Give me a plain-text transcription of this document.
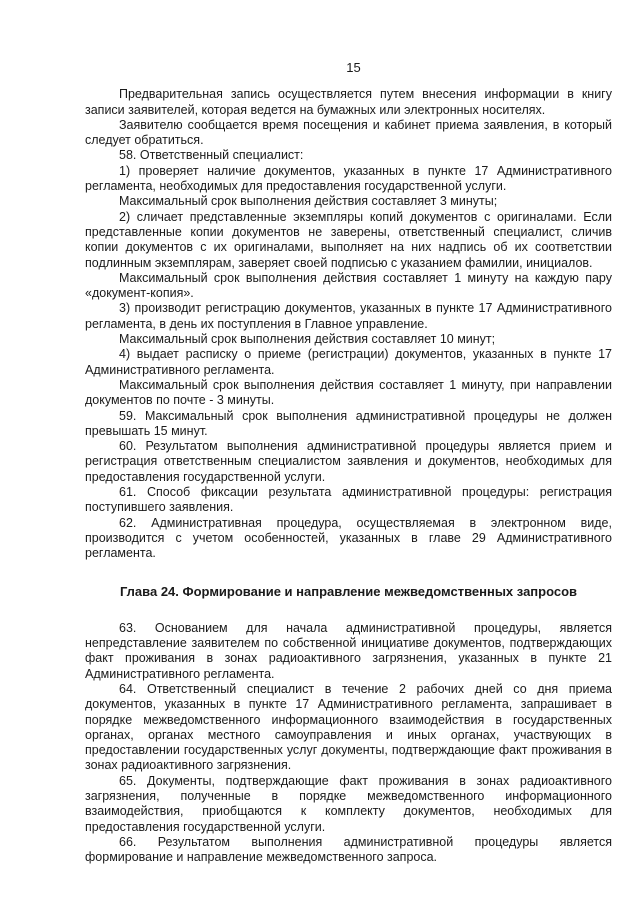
15

Предварительная запись осуществляется путем внесения информации в книгу записи заявителей, которая ведется на бумажных или электронных носителях.

Заявителю сообщается время посещения и кабинет приема заявления, в который следует обратиться.

58. Ответственный специалист:

1) проверяет наличие документов, указанных в пункте 17 Административного регламента, необходимых для предоставления государственной услуги.

Максимальный срок выполнения действия составляет 3 минуты;

2) сличает представленные экземпляры копий документов с оригиналами. Если представленные копии документов не заверены, ответственный специалист, сличив копии документов с их оригиналами, выполняет на них надпись об их соответствии подлинным экземплярам, заверяет своей подписью с указанием фамилии, инициалов.

Максимальный срок выполнения действия составляет 1 минуту на каждую пару «документ-копия».

3) производит регистрацию документов, указанных в пункте 17 Административного регламента, в день их поступления в Главное управление.

Максимальный срок выполнения действия составляет 10 минут;

4) выдает расписку о приеме (регистрации) документов, указанных в пункте 17 Административного регламента.

Максимальный срок выполнения действия составляет 1 минуту, при направлении документов по почте - 3 минуты.

59. Максимальный срок выполнения административной процедуры не должен превышать 15 минут.

60. Результатом выполнения административной процедуры является прием и регистрация ответственным специалистом заявления и документов, необходимых для предоставления государственной услуги.

61. Способ фиксации результата административной процедуры: регистрация поступившего заявления.

62. Административная процедура, осуществляемая в электронном виде, производится с учетом особенностей, указанных в главе 29 Административного регламента.

Глава 24. Формирование и направление межведомственных запросов

63. Основанием для начала административной процедуры, является непредставление заявителем по собственной инициативе документов, подтверждающих факт проживания в зонах радиоактивного загрязнения, указанных в пункте 21 Административного регламента.

64. Ответственный специалист в течение 2 рабочих дней со дня приема документов, указанных в пункте 17 Административного регламента, запрашивает в порядке межведомственного информационного взаимодействия в государственных органах, органах местного самоуправления и иных органах, участвующих в предоставлении государственных услуг документы, подтверждающие факт проживания в зонах радиоактивного загрязнения.

65. Документы, подтверждающие факт проживания в зонах радиоактивного загрязнения, полученные в порядке межведомственного информационного взаимодействия, приобщаются к комплекту документов, необходимых для предоставления государственной услуги.

66. Результатом выполнения административной процедуры является формирование и направление межведомственного запроса.
